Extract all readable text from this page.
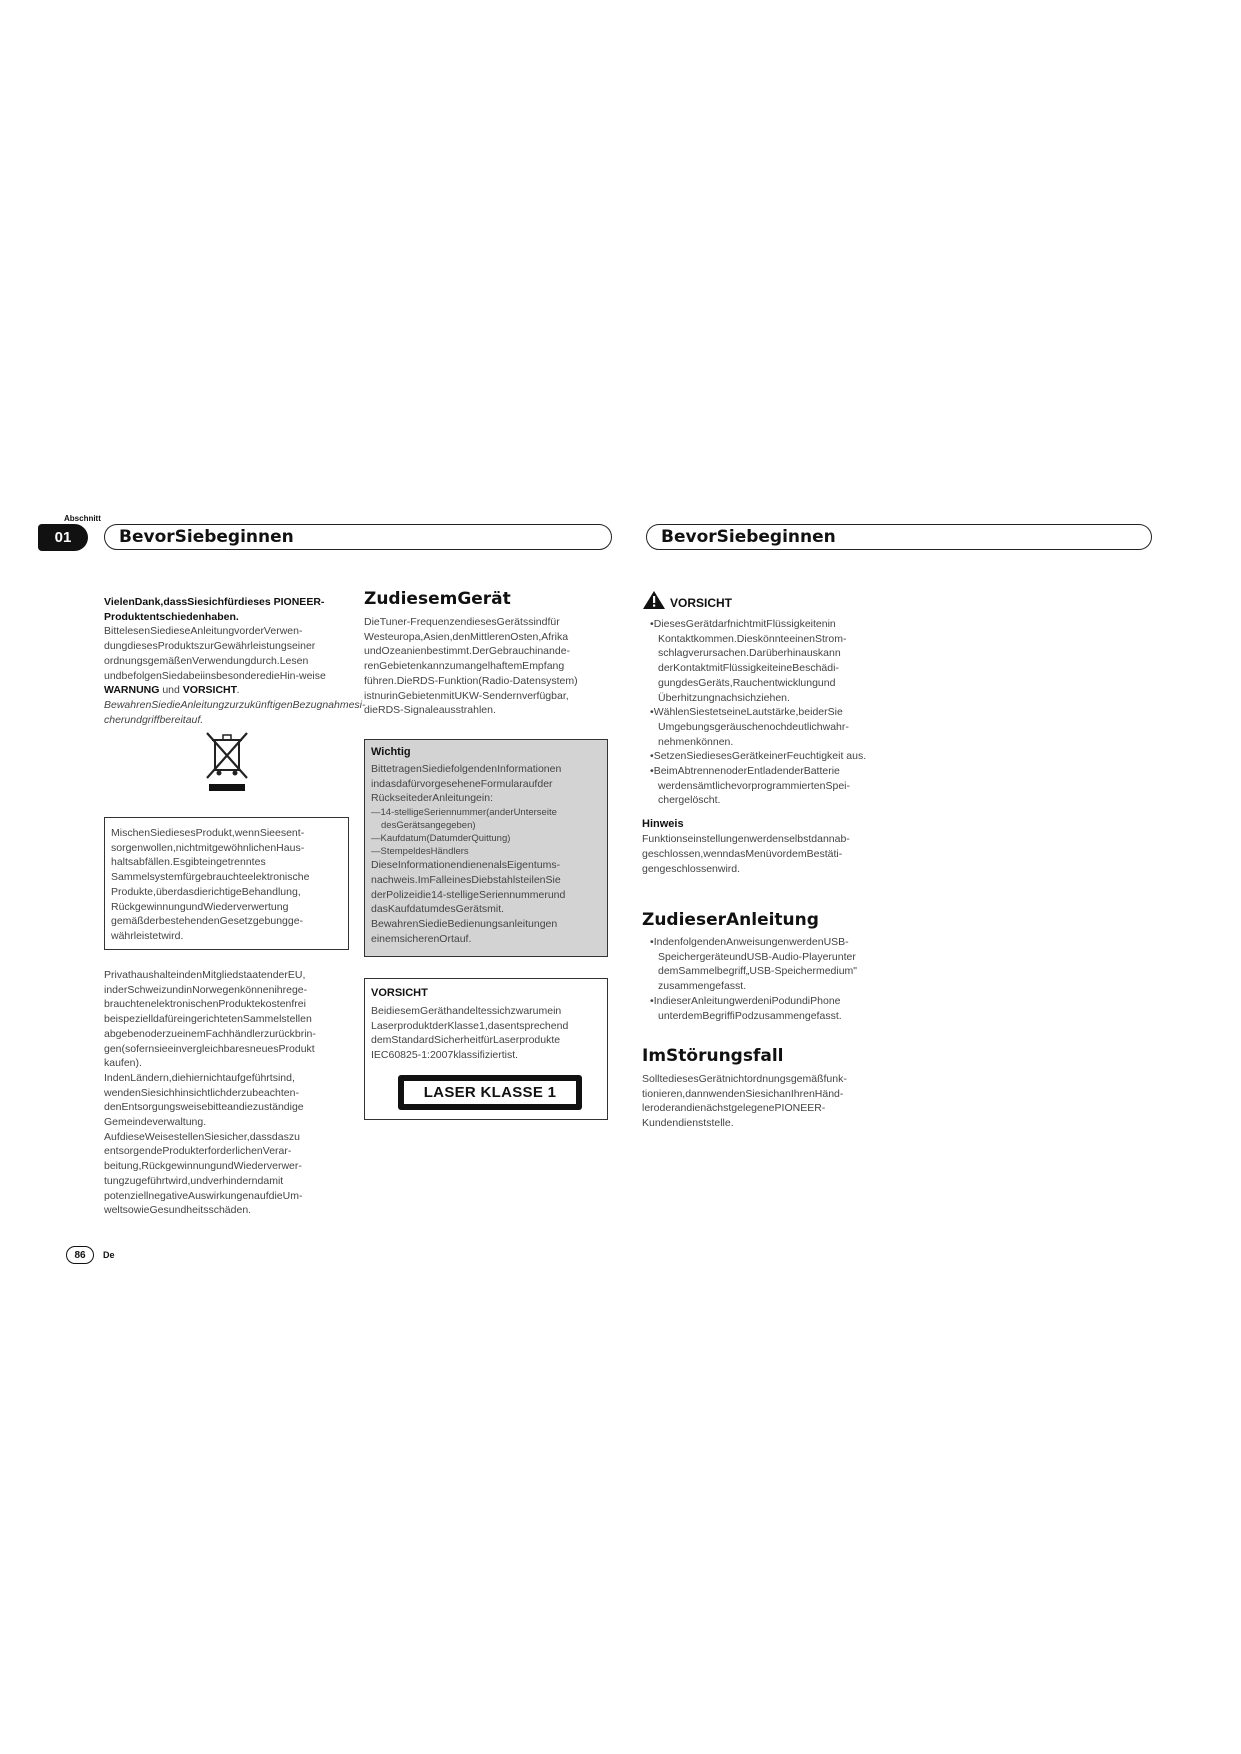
Abschnitt
01	BevorSiebeginnen	BevorSiebeginnen

VielenDank,dassSiesichfürdieses PIONEER-Produktentschiedenhaben.

BittelesenSiedieseAnleitungvorderVerwen-dungdiesesProduktszurGewährleistungseiner ordnungsgemäßenVerwendungdurch.Lesen undbefolgenSiedabeiinsbesonderedieHin-weise WARNUNG und VORSICHT. BewahrenSiedieAnleitungzurzukünftigenBezugnahmesi-cherundgriffbereitauf.

MischenSiediesesProdukt,wennSieesent-sorgenwollen,nichtmitgewöhnlichenHaus-haltsabfällen.Esgibteingetrenntes Sammelsystemfürgebrauchteelektronische Produkte,überdasdierichtigeBehandlung, RückgewinnungundWiederverwertung gemäßderbestehendenGesetzgebungge-währleistetwird.

PrivathaushalteindenMitgliedstaatenderEU, inderSchweizundinNorwegenkönnenihrege-brauchtenelektronischenProduktekostenfrei beispezielldafüreingerichtetenSammelstellen abgebenoderzueinemFachhändlerzurückbrin-gen(sofernsieeinvergleichbaresneuesProdukt kaufen).

IndenLändern,diehiernichtaufgeführtsind, wendenSiesichhinsichtlichderzubeachten-denEntsorgungsweisebitteandiezuständige Gemeindeverwaltung.

AufdieseWeisestellenSiesicher,dassdaszu entsorgendeProdukterforderlichenVerar-beitung,RückgewinnungundWiederverwer-tungzugeführtwird,undverhinderndamit potenziellnegativeAuswirkungenaufdieUm-weltsowieGesundheitsschäden.

ZudiesemGerät

DieTuner-FrequenzendiesesGerätssindfür Westeuropa,Asien,denMittlerenOsten,Afrika undOzeanienbestimmt.DerGebrauchinande-renGebietenkannzumangelhaftemEmpfang führen.DieRDS-Funktion(Radio-Datensystem) istnurinGebietenmitUKW-Sendernverfügbar, dieRDS-Signaleausstrahlen.

Wichtig

BittetragenSiediefolgendenInformationen indasdafürvorgeseheneFormularaufder RückseitederAnleitungein:

—14-stelligeSeriennummer(anderUnterseite desGerätsangegeben)

—Kaufdatum(DatumderQuittung)

—StempeldesHändlers

DieseInformationendienenalsEigentums-nachweis.ImFalleinesDiebstahlsteilenSie derPolizeidie14-stelligeSeriennummerund dasKaufdatumdesGerätsmit. BewahrenSiedieBedienungsanleitungen einemsicherenOrtauf.

VORSICHT

BeidiesemGeräthandeltessichzwarumein LaserproduktderKlasse1,dasentsprechend demStandardSicherheitfürLaserprodukte IEC60825-1:2007klassifiziertist.

LASER KLASSE 1
VORSICHT

•DiesesGerätdarfnichtmitFlüssigkeitenin Kontaktkommen.DieskönnteeinenStrom-schlagverursachen.Darüberhinauskann derKontaktmitFlüssigkeiteineBeschädi-gungdesGeräts,Rauchentwicklungund Überhitzungnachsichziehen.

•WählenSiestetseineLautstärke,beiderSie Umgebungsgeräuschenochdeutlichwahr-nehmenkönnen.

•SetzenSiediesesGerätkeinerFeuchtigkeit aus.

•BeimAbtrennenoderEntladenderBatterie werdensämtlichevorprogrammiertenSpei-chergelöscht.

Hinweis

Funktionseinstellungenwerdenselbstdannab-geschlossen,wenndasMenüvordemBestäti-gengeschlossenwird.

ZudieserAnleitung

•IndenfolgendenAnweisungenwerdenUSB-SpeichergeräteundUSB-Audio-Playerunter demSammelbegriff„USB-Speichermedium" zusammengefasst.

•IndieserAnleitungwerdeniPodundiPhone unterdemBegriffiPodzusammengefasst.

ImStörungsfall

SolltediesesGerätnichtordnungsgemäßfunk-tionieren,dannwendenSiesichanIhrenHänd-leroderandienächstgelegenePIONEER-Kundendienststelle.

86	De
